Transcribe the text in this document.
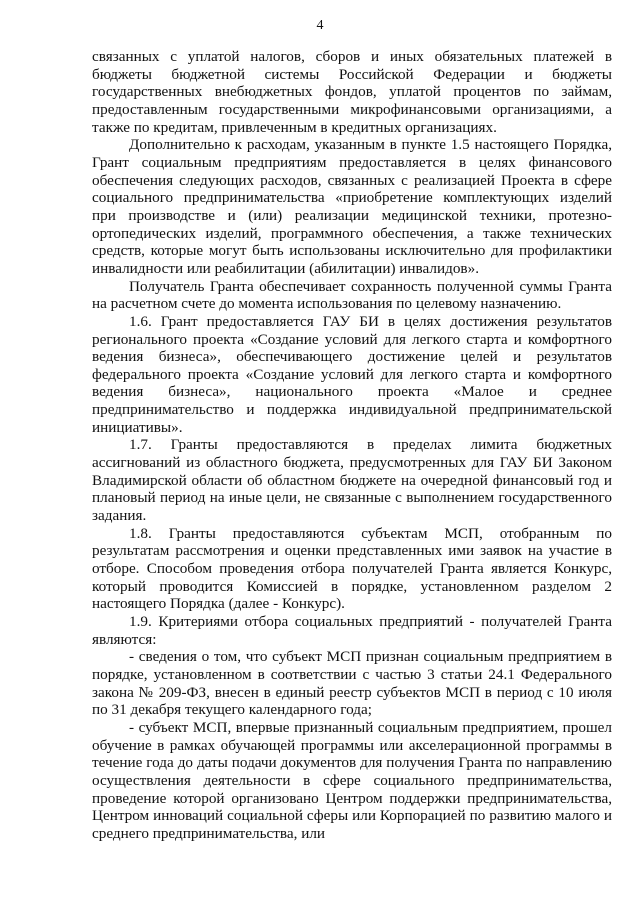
4

связанных с уплатой налогов, сборов и иных обязательных платежей в бюджеты бюджетной системы Российской Федерации и бюджеты государственных внебюджетных фондов, уплатой процентов по займам, предоставленным государственными микрофинансовыми организациями, а также по кредитам, привлеченным в кредитных организациях.

Дополнительно к расходам, указанным в пункте 1.5 настоящего Порядка, Грант социальным предприятиям предоставляется в целях финансового обеспечения следующих расходов, связанных с реализацией Проекта в сфере социального предпринимательства «приобретение комплектующих изделий при производстве и (или) реализации медицинской техники, протезно-ортопедических изделий, программного обеспечения, а также технических средств, которые могут быть использованы исключительно для профилактики инвалидности или реабилитации (абилитации) инвалидов».

Получатель Гранта обеспечивает сохранность полученной суммы Гранта на расчетном счете до момента использования по целевому назначению.

1.6. Грант предоставляется ГАУ БИ в целях достижения результатов регионального проекта «Создание условий для легкого старта и комфортного ведения бизнеса», обеспечивающего достижение целей и результатов федерального проекта «Создание условий для легкого старта и комфортного ведения бизнеса», национального проекта «Малое и среднее предпринимательство и поддержка индивидуальной предпринимательской инициативы».

1.7. Гранты предоставляются в пределах лимита бюджетных ассигнований из областного бюджета, предусмотренных для ГАУ БИ Законом Владимирской области об областном бюджете на очередной финансовый год и плановый период на иные цели, не связанные с выполнением государственного задания.

1.8. Гранты предоставляются субъектам МСП, отобранным по результатам рассмотрения и оценки представленных ими заявок на участие в отборе. Способом проведения отбора получателей Гранта является Конкурс, который проводится Комиссией в порядке, установленном разделом 2 настоящего Порядка (далее - Конкурс).

1.9. Критериями отбора социальных предприятий - получателей Гранта являются:

- сведения о том, что субъект МСП признан социальным предприятием в порядке, установленном в соответствии с частью 3 статьи 24.1 Федерального закона № 209-ФЗ, внесен в единый реестр субъектов МСП в период с 10 июля по 31 декабря текущего календарного года;

- субъект МСП, впервые признанный социальным предприятием, прошел обучение в рамках обучающей программы или акселерационной программы в течение года до даты подачи документов для получения Гранта по направлению осуществления деятельности в сфере социального предпринимательства, проведение которой организовано Центром поддержки предпринимательства, Центром инноваций социальной сферы или Корпорацией по развитию малого и среднего предпринимательства, или
